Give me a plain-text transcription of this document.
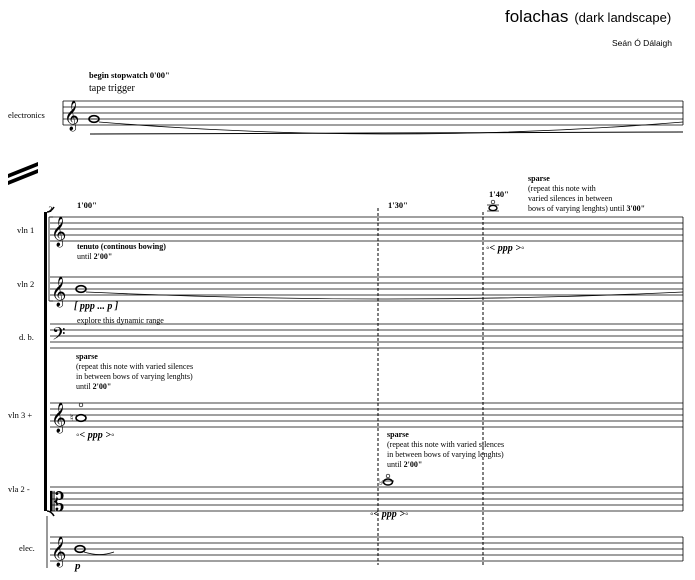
folachas (dark landscape)
Seán Ó Dálaigh
electronics
begin stopwatch 0'00"
tape trigger
2	1'00"	1'30"
1'40"
vln 1
vln 2
d. b.
vln 3 +
vla 2 -
elec.
tenuto (continous bowing)
until 2'00"
◦< ppp >◦
sparse
(repeat this note with
varied silences in between
bows of varying lenghts) until 3'00"
[ ppp ... p ]
explore this dynamic range
sparse
(repeat this note with varied silences
in between bows of varying lenghts)
until 2'00"
◦< ppp >◦	sparse
(repeat this note with varied silences
in between bows of varying lenghts)
until 2'00"
◦< ppp >◦
p
𝄞
𝄞
𝄞
𝄢
𝄞
𝄡
𝄞
♮
♭
